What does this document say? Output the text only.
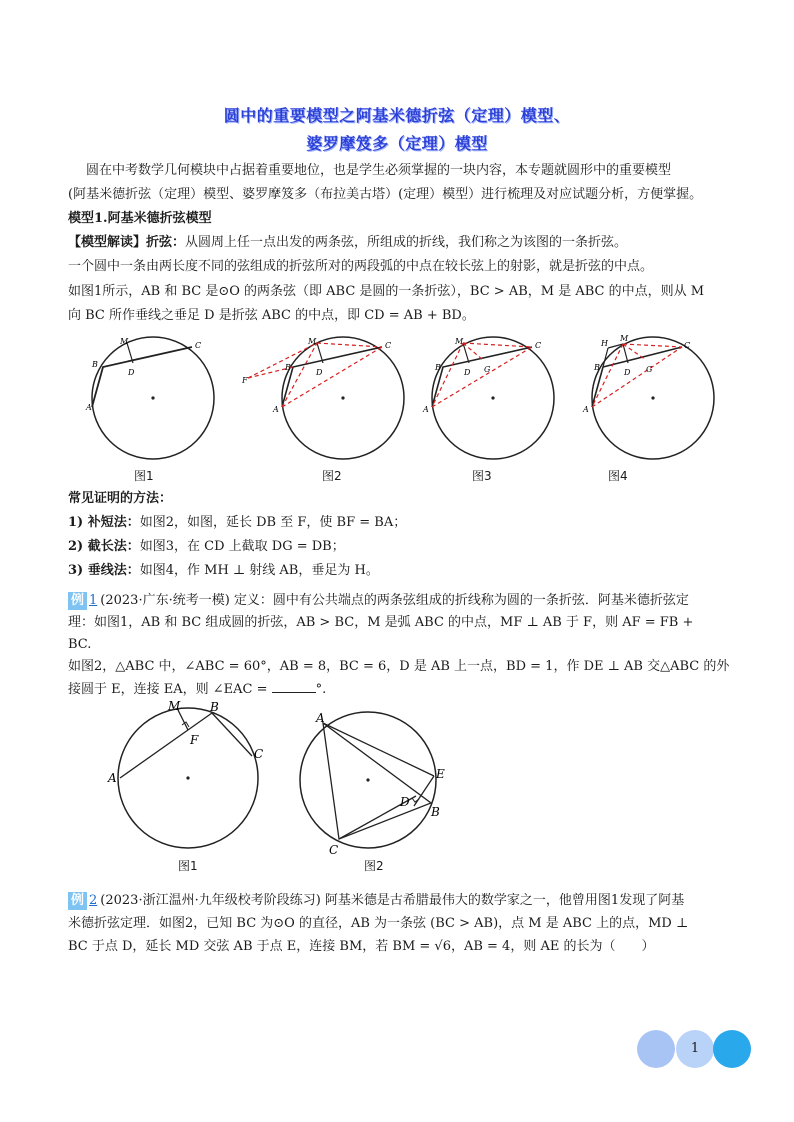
圆中的重要模型之阿基米德折弦（定理）模型、
婆罗摩笈多（定理）模型
圆在中考数学几何模块中占据着重要地位，也是学生必须掌握的一块内容，本专题就圆形中的重要模型
(阿基米德折弦（定理）模型、婆罗摩笈多（布拉美古塔）(定理）模型）进行梳理及对应试题分析，方便掌握。
模型1.阿基米德折弦模型
【模型解读】折弦：从圆周上任一点出发的两条弦，所组成的折线，我们称之为该图的一条折弦。
一个圆中一条由两长度不同的弦组成的折弦所对的两段弧的中点在较长弦上的射影，就是折弦的中点。
如图1所示，AB 和 BC 是⊙O 的两条弦（即 ABC 是圆的一条折弦），BC > AB，M 是 ABC 的中点，则从 M
向 BC 所作垂线之垂足 D 是折弦 ABC 的中点，即 CD = AB + BD。
M	C
B
D
A
M	C
B
D
F
A
M	C
B
D G
A
H
M
C
B
D G
A
图1	图2	图3	图4
常见证明的方法：
1) 补短法：如图2，如图，延长 DB 至 F，使 BF = BA；
2) 截长法：如图3，在 CD 上截取 DG = DB；
3) 垂线法：如图4，作 MH ⊥ 射线 AB，垂足为 H。
例 1 (2023·广东·统考一模) 定义：圆中有公共端点的两条弦组成的折线称为圆的一条折弦．阿基米德折弦定
理：如图1，AB 和 BC 组成圆的折弦，AB > BC，M 是弧 ABC 的中点，MF ⊥ AB 于 F，则 AF = FB +
BC.
如图2，△ABC 中，∠ABC = 60°，AB = 8，BC = 6，D 是 AB 上一点，BD = 1，作 DE ⊥ AB 交△ABC 的外
接圆于 E，连接 EA，则 ∠EAC =	°.
M B
C
F
A
A
E
D
B
C
图1	图2
例 2 (2023·浙江温州·九年级校考阶段练习) 阿基米德是古希腊最伟大的数学家之一，他曾用图1发现了阿基
米德折弦定理．如图2，已知 BC 为⊙O 的直径，AB 为一条弦 (BC > AB)，点 M 是 ABC 上的点，MD ⊥
BC 于点 D，延长 MD 交弦 AB 于点 E，连接 BM，若 BM = √6，AB = 4，则 AE 的长为（　　）
1
